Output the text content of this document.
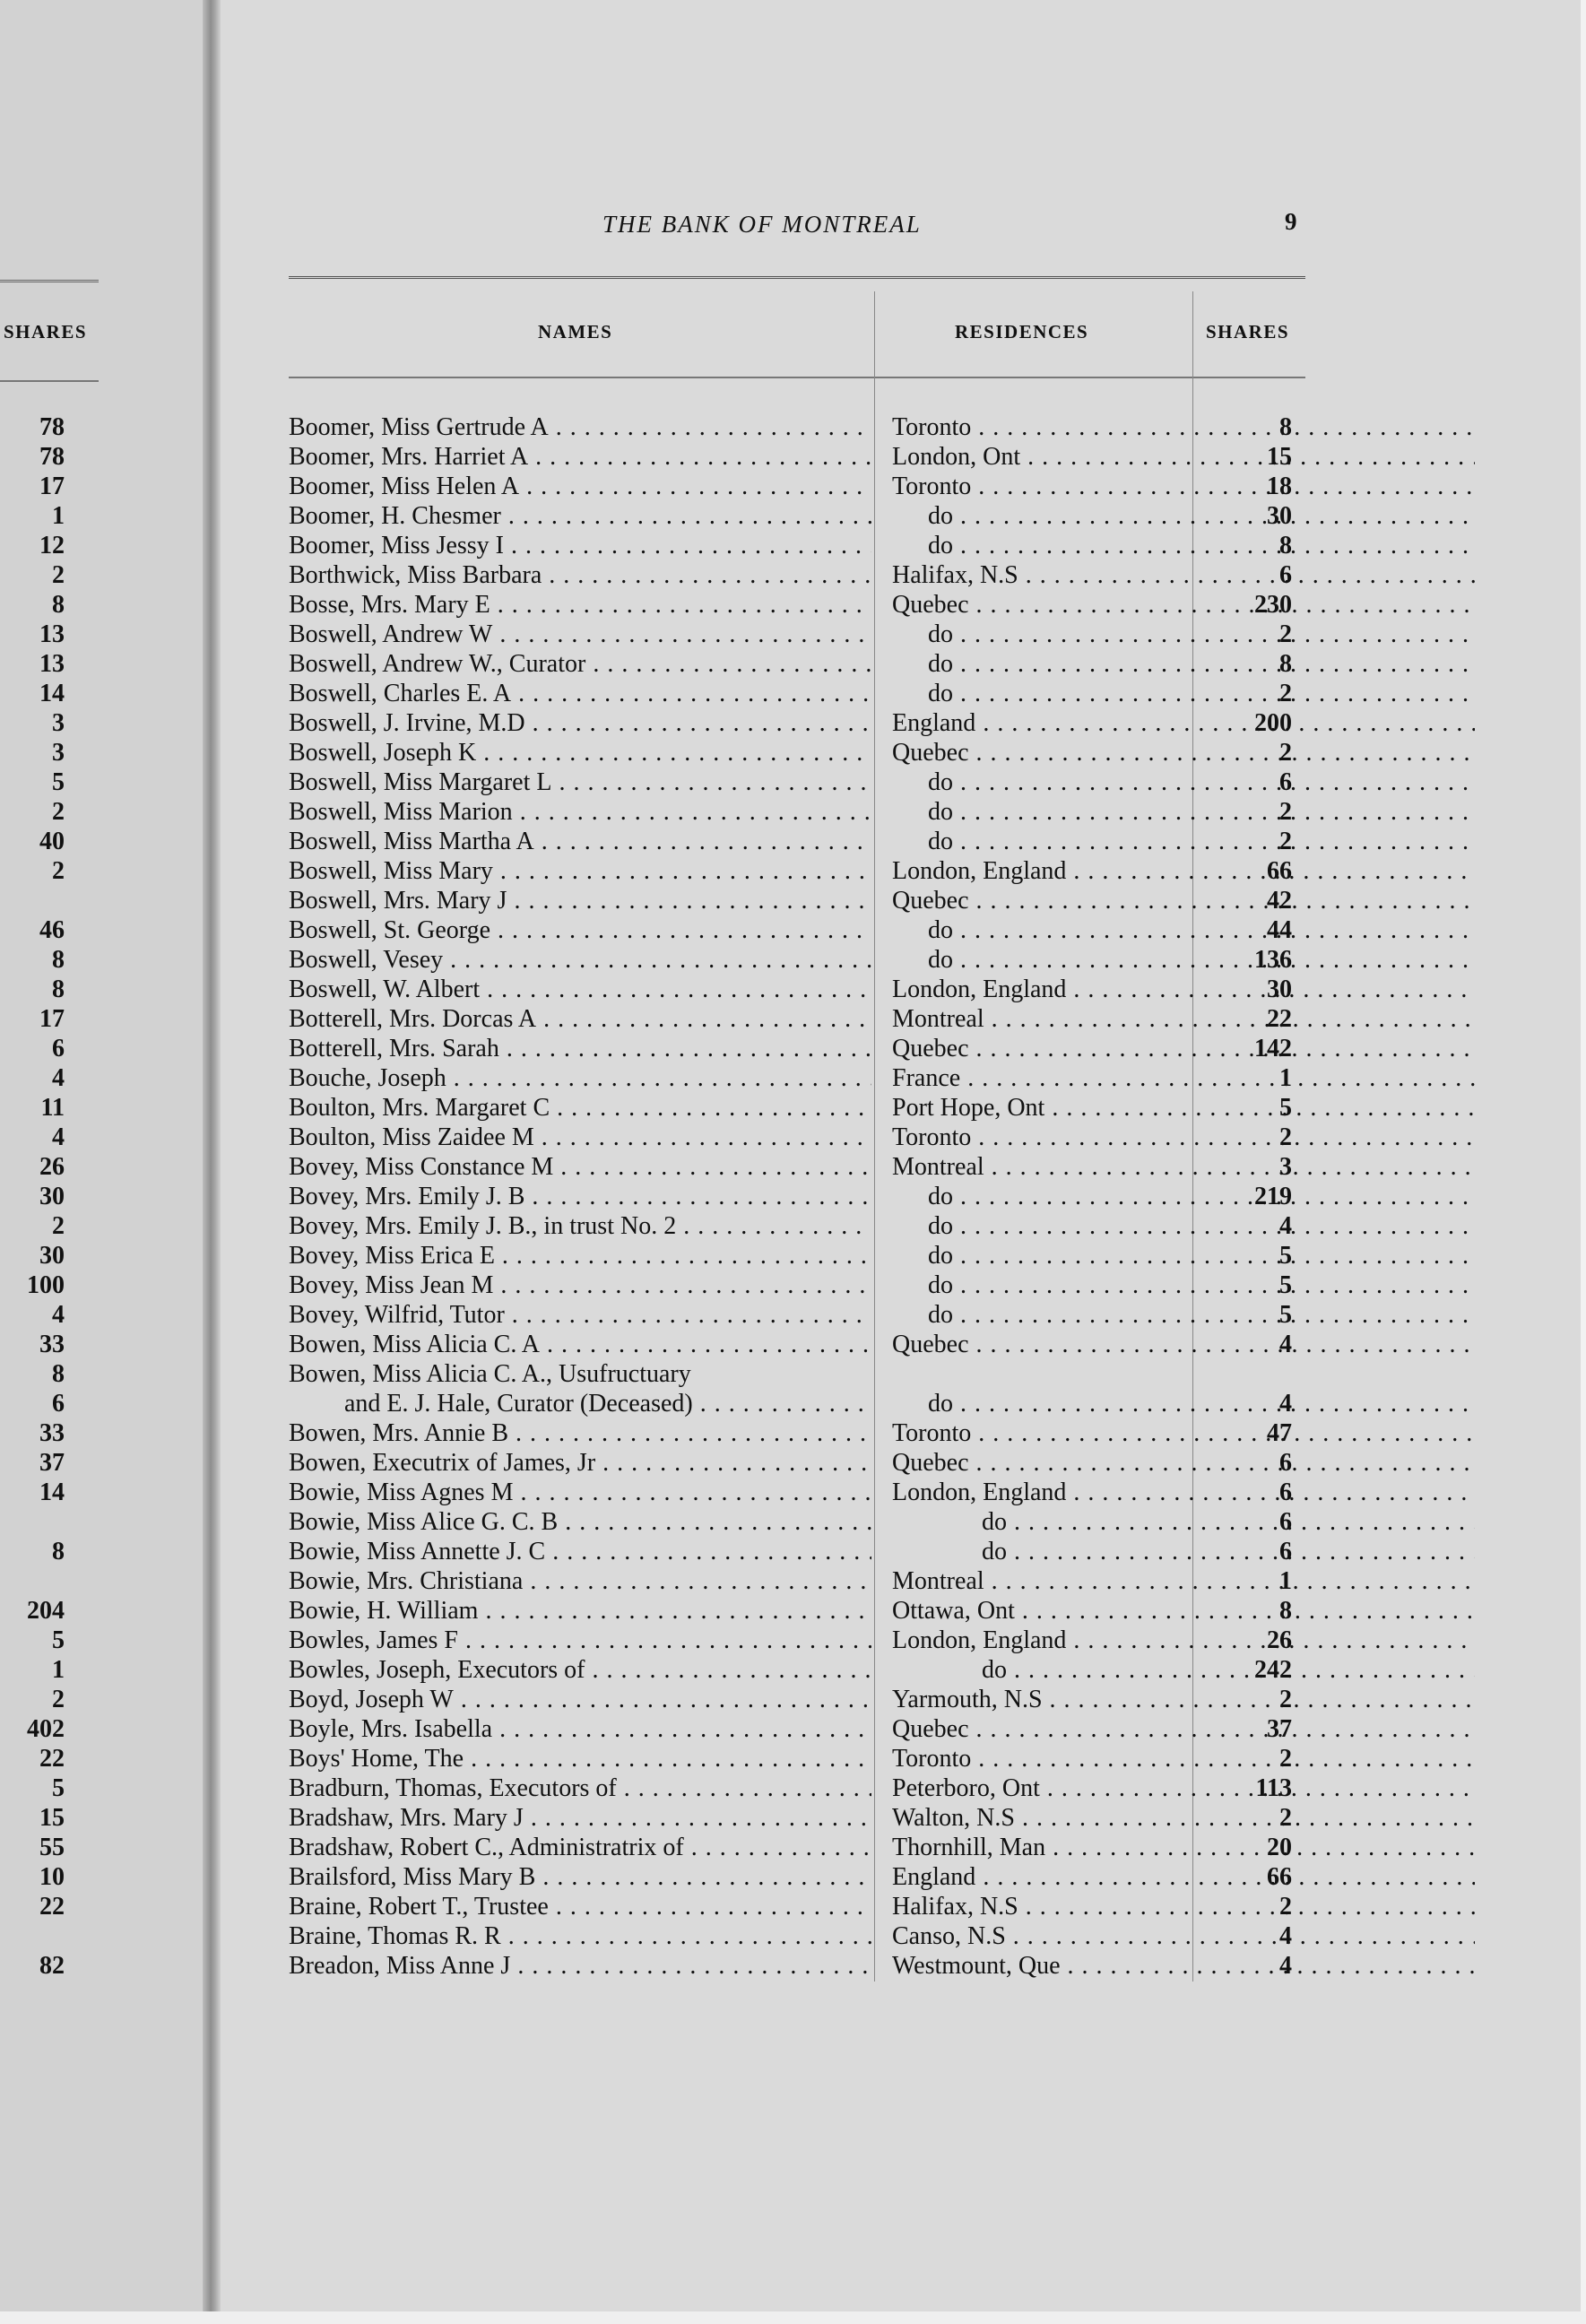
SHARES
78
78
17
1
12
2
8
13
13
14
3
3
5
2
40
2
46
8
8
17
6
4
11
4
26
30
2
30
100
4
33
8
6
33
37
14
8
204
5
1
2
402
22
5
15
55
10
22
82
THE BANK OF MONTREAL	9
NAMES	RESIDENCES	SHARES
Boomer, Miss Gertrude A . . .	Toronto . . .	8
Boomer, Mrs. Harriet A . . .	London, Ont . . .	15
Boomer, Miss Helen A . . .	Toronto . . .	18
Boomer, H. Chesmer . . .	do . . .	30
Boomer, Miss Jessy I . . .	do . . .	8
Borthwick, Miss Barbara . . .	Halifax, N.S . . .	6
Bosse, Mrs. Mary E . . .	Quebec . . .	230
Boswell, Andrew W . . .	do . . .	2
Boswell, Andrew W., Curator . . .	do . . .	8
Boswell, Charles E. A . . .	do . . .	2
Boswell, J. Irvine, M.D . . .	England . . .	200
Boswell, Joseph K . . .	Quebec . . .	2
Boswell, Miss Margaret L . . .	do . . .	6
Boswell, Miss Marion . . .	do . . .	2
Boswell, Miss Martha A . . .	do . . .	2
Boswell, Miss Mary . . .	London, England . . .	66
Boswell, Mrs. Mary J . . .	Quebec . . .	42
Boswell, St. George . . .	do . . .	44
Boswell, Vesey . . .	do . . .	136
Boswell, W. Albert . . .	London, England . . .	30
Botterell, Mrs. Dorcas A . . .	Montreal . . .	22
Botterell, Mrs. Sarah . . .	Quebec . . .	142
Bouche, Joseph . . .	France . . .	1
Boulton, Mrs. Margaret C . . .	Port Hope, Ont . . .	5
Boulton, Miss Zaidee M . . .	Toronto . . .	2
Bovey, Miss Constance M . . .	Montreal . . .	3
Bovey, Mrs. Emily J. B . . .	do . . .	219
Bovey, Mrs. Emily J. B., in trust No. 2 . . .	do . . .	4
Bovey, Miss Erica E . . .	do . . .	5
Bovey, Miss Jean M . . .	do . . .	5
Bovey, Wilfrid, Tutor . . .	do . . .	5
Bowen, Miss Alicia C. A . . .	Quebec . . .	4
Bowen, Miss Alicia C. A., Usufructuary
and E. J. Hale, Curator (Deceased) . . .	do . . .	4
Bowen, Mrs. Annie B . . .	Toronto . . .	47
Bowen, Executrix of James, Jr . . .	Quebec . . .	6
Bowie, Miss Agnes M . . .	London, England . . .	6
Bowie, Miss Alice G. C. B . . .	do . . .	6
Bowie, Miss Annette J. C . . .	do . . .	6
Bowie, Mrs. Christiana . . .	Montreal . . .	1
Bowie, H. William . . .	Ottawa, Ont . . .	8
Bowles, James F . . .	London, England . . .	26
Bowles, Joseph, Executors of . . .	do . . .	242
Boyd, Joseph W . . .	Yarmouth, N.S . . .	2
Boyle, Mrs. Isabella . . .	Quebec . . .	37
Boys' Home, The . . .	Toronto . . .	2
Bradburn, Thomas, Executors of . . .	Peterboro, Ont . . .	113
Bradshaw, Mrs. Mary J . . .	Walton, N.S . . .	2
Bradshaw, Robert C., Administratrix of . . .	Thornhill, Man . . .	20
Brailsford, Miss Mary B . . .	England . . .	66
Braine, Robert T., Trustee . . .	Halifax, N.S . . .	2
Braine, Thomas R. R . . .	Canso, N.S . . .	4
Breadon, Miss Anne J . . .	Westmount, Que . . .	4
